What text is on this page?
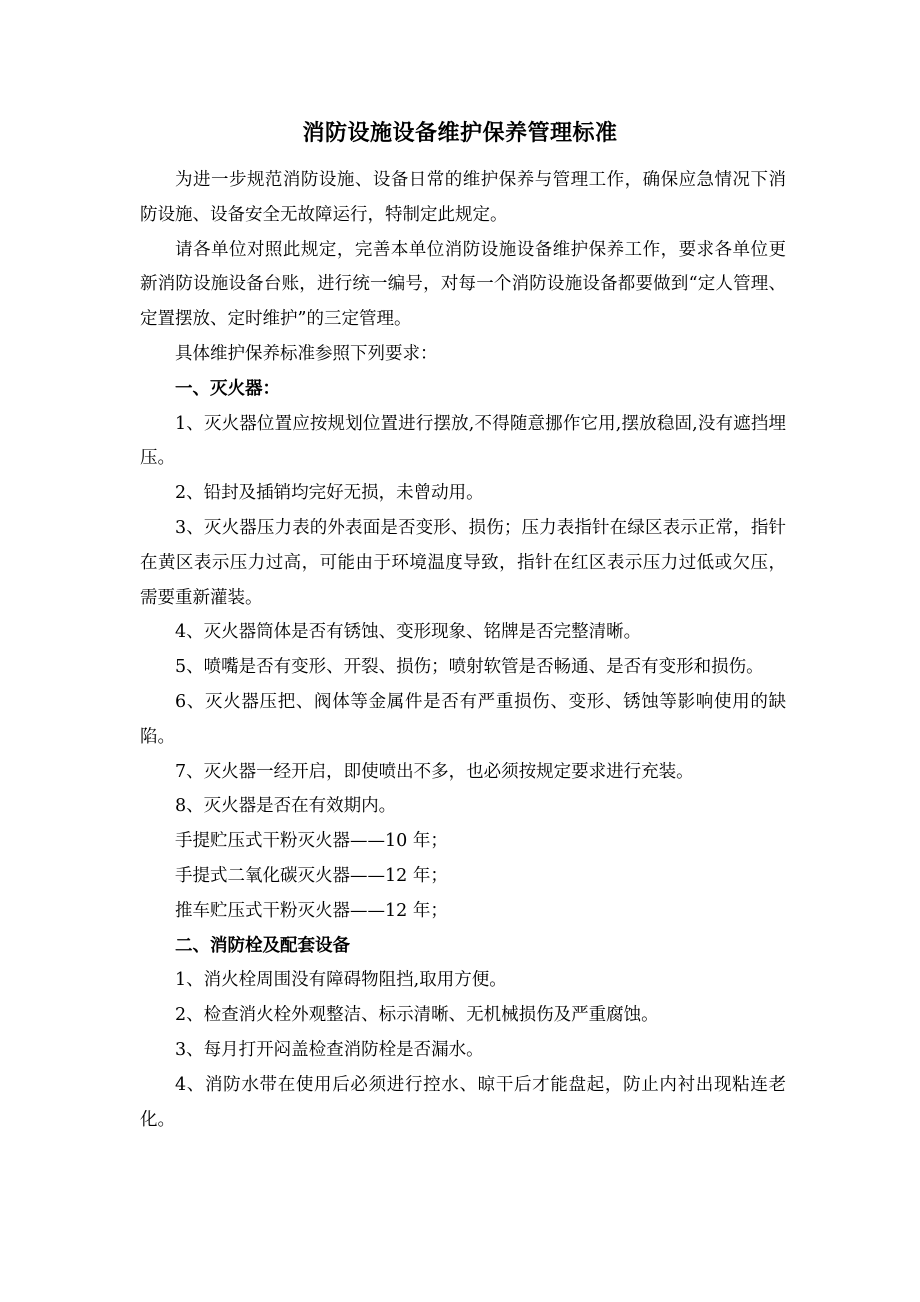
消防设施设备维护保养管理标准

为进一步规范消防设施、设备日常的维护保养与管理工作，确保应急情况下消防设施、设备安全无故障运行，特制定此规定。

请各单位对照此规定，完善本单位消防设施设备维护保养工作，要求各单位更新消防设施设备台账，进行统一编号，对每一个消防设施设备都要做到“定人管理、定置摆放、定时维护”的三定管理。

具体维护保养标准参照下列要求：

一、灭火器：

1、灭火器位置应按规划位置进行摆放,不得随意挪作它用,摆放稳固,没有遮挡埋压。

2、铅封及插销均完好无损，未曾动用。

3、灭火器压力表的外表面是否变形、损伤；压力表指针在绿区表示正常，指针在黄区表示压力过高，可能由于环境温度导致，指针在红区表示压力过低或欠压，需要重新灌装。

4、灭火器筒体是否有锈蚀、变形现象、铭牌是否完整清晰。

5、喷嘴是否有变形、开裂、损伤；喷射软管是否畅通、是否有变形和损伤。

6、灭火器压把、阀体等金属件是否有严重损伤、变形、锈蚀等影响使用的缺陷。

7、灭火器一经开启，即使喷出不多，也必须按规定要求进行充装。

8、灭火器是否在有效期内。

手提贮压式干粉灭火器——10 年；

手提式二氧化碳灭火器——12 年；

推车贮压式干粉灭火器——12 年；

二、消防栓及配套设备

1、消火栓周围没有障碍物阻挡,取用方便。

2、检查消火栓外观整洁、标示清晰、无机械损伤及严重腐蚀。

3、每月打开闷盖检查消防栓是否漏水。

4、消防水带在使用后必须进行控水、晾干后才能盘起，防止内衬出现粘连老化。
